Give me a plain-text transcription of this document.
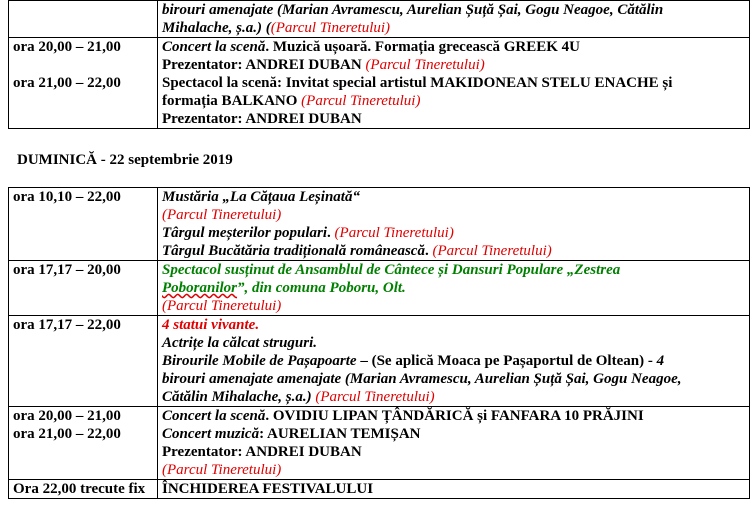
	birouri amenajate (Marian Avramescu, Aurelian Șuță Șai, Gogu Neagoe, Cătălin
Mihalache, ș.a.) ((Parcul Tineretului)

ora 20,00 – 21,00

ora 21,00 – 22,00	Concert la scenă. Muzică ușoară. Formația grecească GREEK 4U
Prezentator: ANDREI DUBAN (Parcul Tineretului)
Spectacol la scenă: Invitat special artistul MAKIDONEAN STELU ENACHE și
formația BALKANO (Parcul Tineretului)
Prezentator: ANDREI DUBAN
DUMINICĂ - 22 septembrie 2019
ora 10,10 – 22,00	Mustăria „La Cățaua Leșinată“
(Parcul Tineretului)
Târgul meșterilor populari. (Parcul Tineretului)
Târgul Bucătăria tradițională românească. (Parcul Tineretului)

ora 17,17 – 20,00	Spectacol susținut de Ansamblul de Cântece și Dansuri Populare „Zestrea
Poboranilor”, din comuna Poboru, Olt.
(Parcul Tineretului)

ora 17,17 – 22,00	4 statui vivante.
Actrițe la călcat struguri.
Birourile Mobile de Pașapoarte – (Se aplică Moaca pe Pașaportul de Oltean) - 4
birouri amenajate amenajate (Marian Avramescu, Aurelian Șuță Șai, Gogu Neagoe,
Cătălin Mihalache, ș.a.) (Parcul Tineretului)

ora 20,00 – 21,00
ora 21,00 – 22,00	Concert la scenă. OVIDIU LIPAN ȚÂNDĂRICĂ și FANFARA 10 PRĂJINI
Concert muzică: AURELIAN TEMIȘAN
Prezentator: ANDREI DUBAN
(Parcul Tineretului)

Ora 22,00 trecute fix	ÎNCHIDEREA FESTIVALULUI
